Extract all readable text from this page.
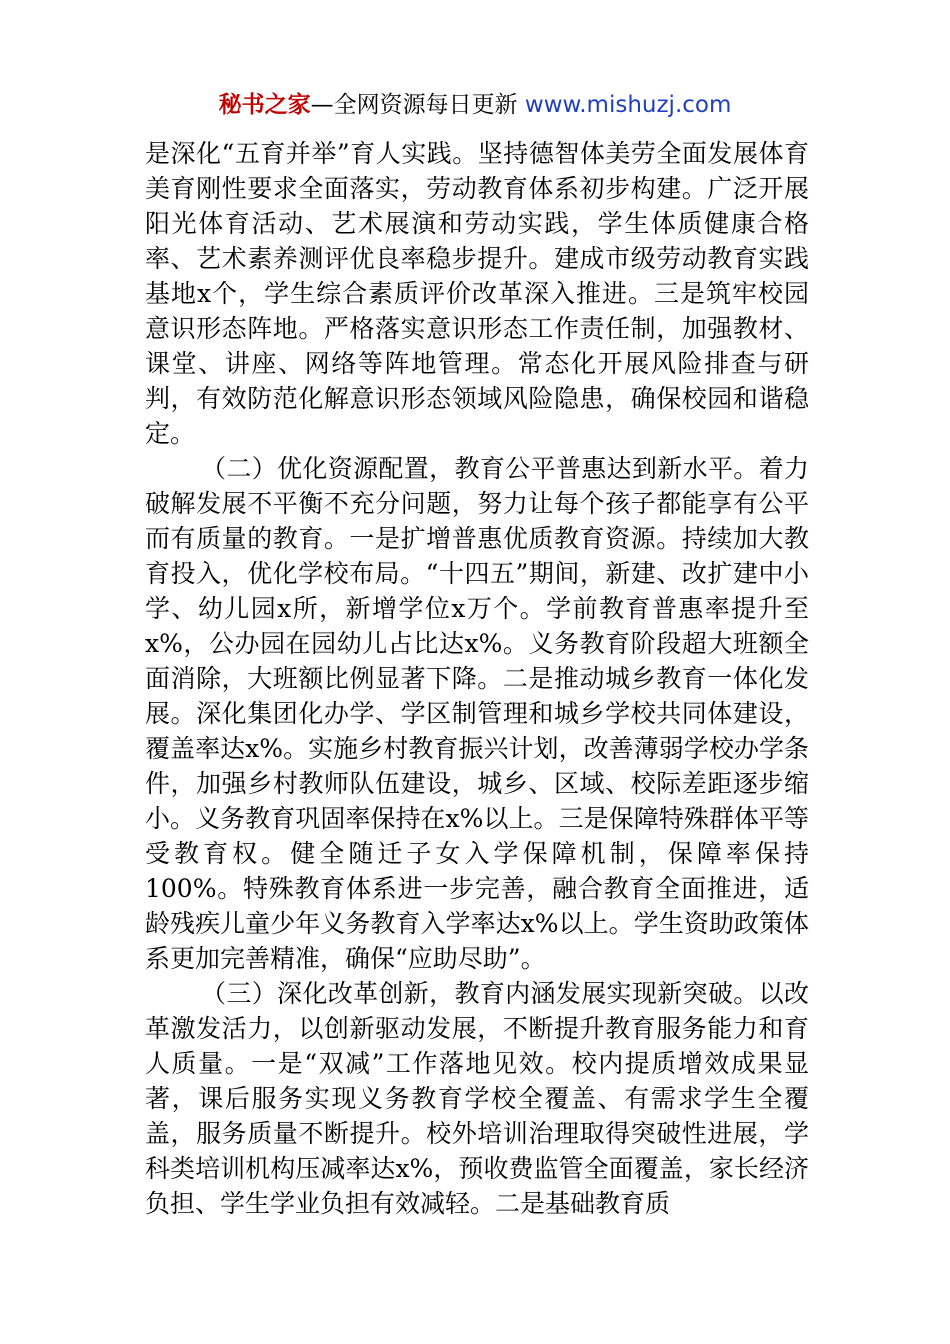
秘书之家—全网资源每日更新 www.mishuzj.com

是深化“五育并举”育人实践。坚持德智体美劳全面发展体育美育刚性要求全面落实，劳动教育体系初步构建。广泛开展阳光体育活动、艺术展演和劳动实践，学生体质健康合格率、艺术素养测评优良率稳步提升。建成市级劳动教育实践基地x个，学生综合素质评价改革深入推进。三是筑牢校园意识形态阵地。严格落实意识形态工作责任制，加强教材、课堂、讲座、网络等阵地管理。常态化开展风险排查与研判，有效防范化解意识形态领域风险隐患，确保校园和谐稳定。

（二）优化资源配置，教育公平普惠达到新水平。着力破解发展不平衡不充分问题，努力让每个孩子都能享有公平而有质量的教育。一是扩增普惠优质教育资源。持续加大教育投入，优化学校布局。“十四五”期间，新建、改扩建中小学、幼儿园x所，新增学位x万个。学前教育普惠率提升至x%，公办园在园幼儿占比达x%。义务教育阶段超大班额全面消除，大班额比例显著下降。二是推动城乡教育一体化发展。深化集团化办学、学区制管理和城乡学校共同体建设，覆盖率达x%。实施乡村教育振兴计划，改善薄弱学校办学条件，加强乡村教师队伍建设，城乡、区域、校际差距逐步缩小。义务教育巩固率保持在x%以上。三是保障特殊群体平等受教育权。健全随迁子女入学保障机制，保障率保持100%。特殊教育体系进一步完善，融合教育全面推进，适龄残疾儿童少年义务教育入学率达x%以上。学生资助政策体系更加完善精准，确保“应助尽助”。

（三）深化改革创新，教育内涵发展实现新突破。以改革激发活力，以创新驱动发展，不断提升教育服务能力和育人质量。一是“双减”工作落地见效。校内提质增效成果显著，课后服务实现义务教育学校全覆盖、有需求学生全覆盖，服务质量不断提升。校外培训治理取得突破性进展，学科类培训机构压减率达x%，预收费监管全面覆盖，家长经济负担、学生学业负担有效减轻。二是基础教育质
